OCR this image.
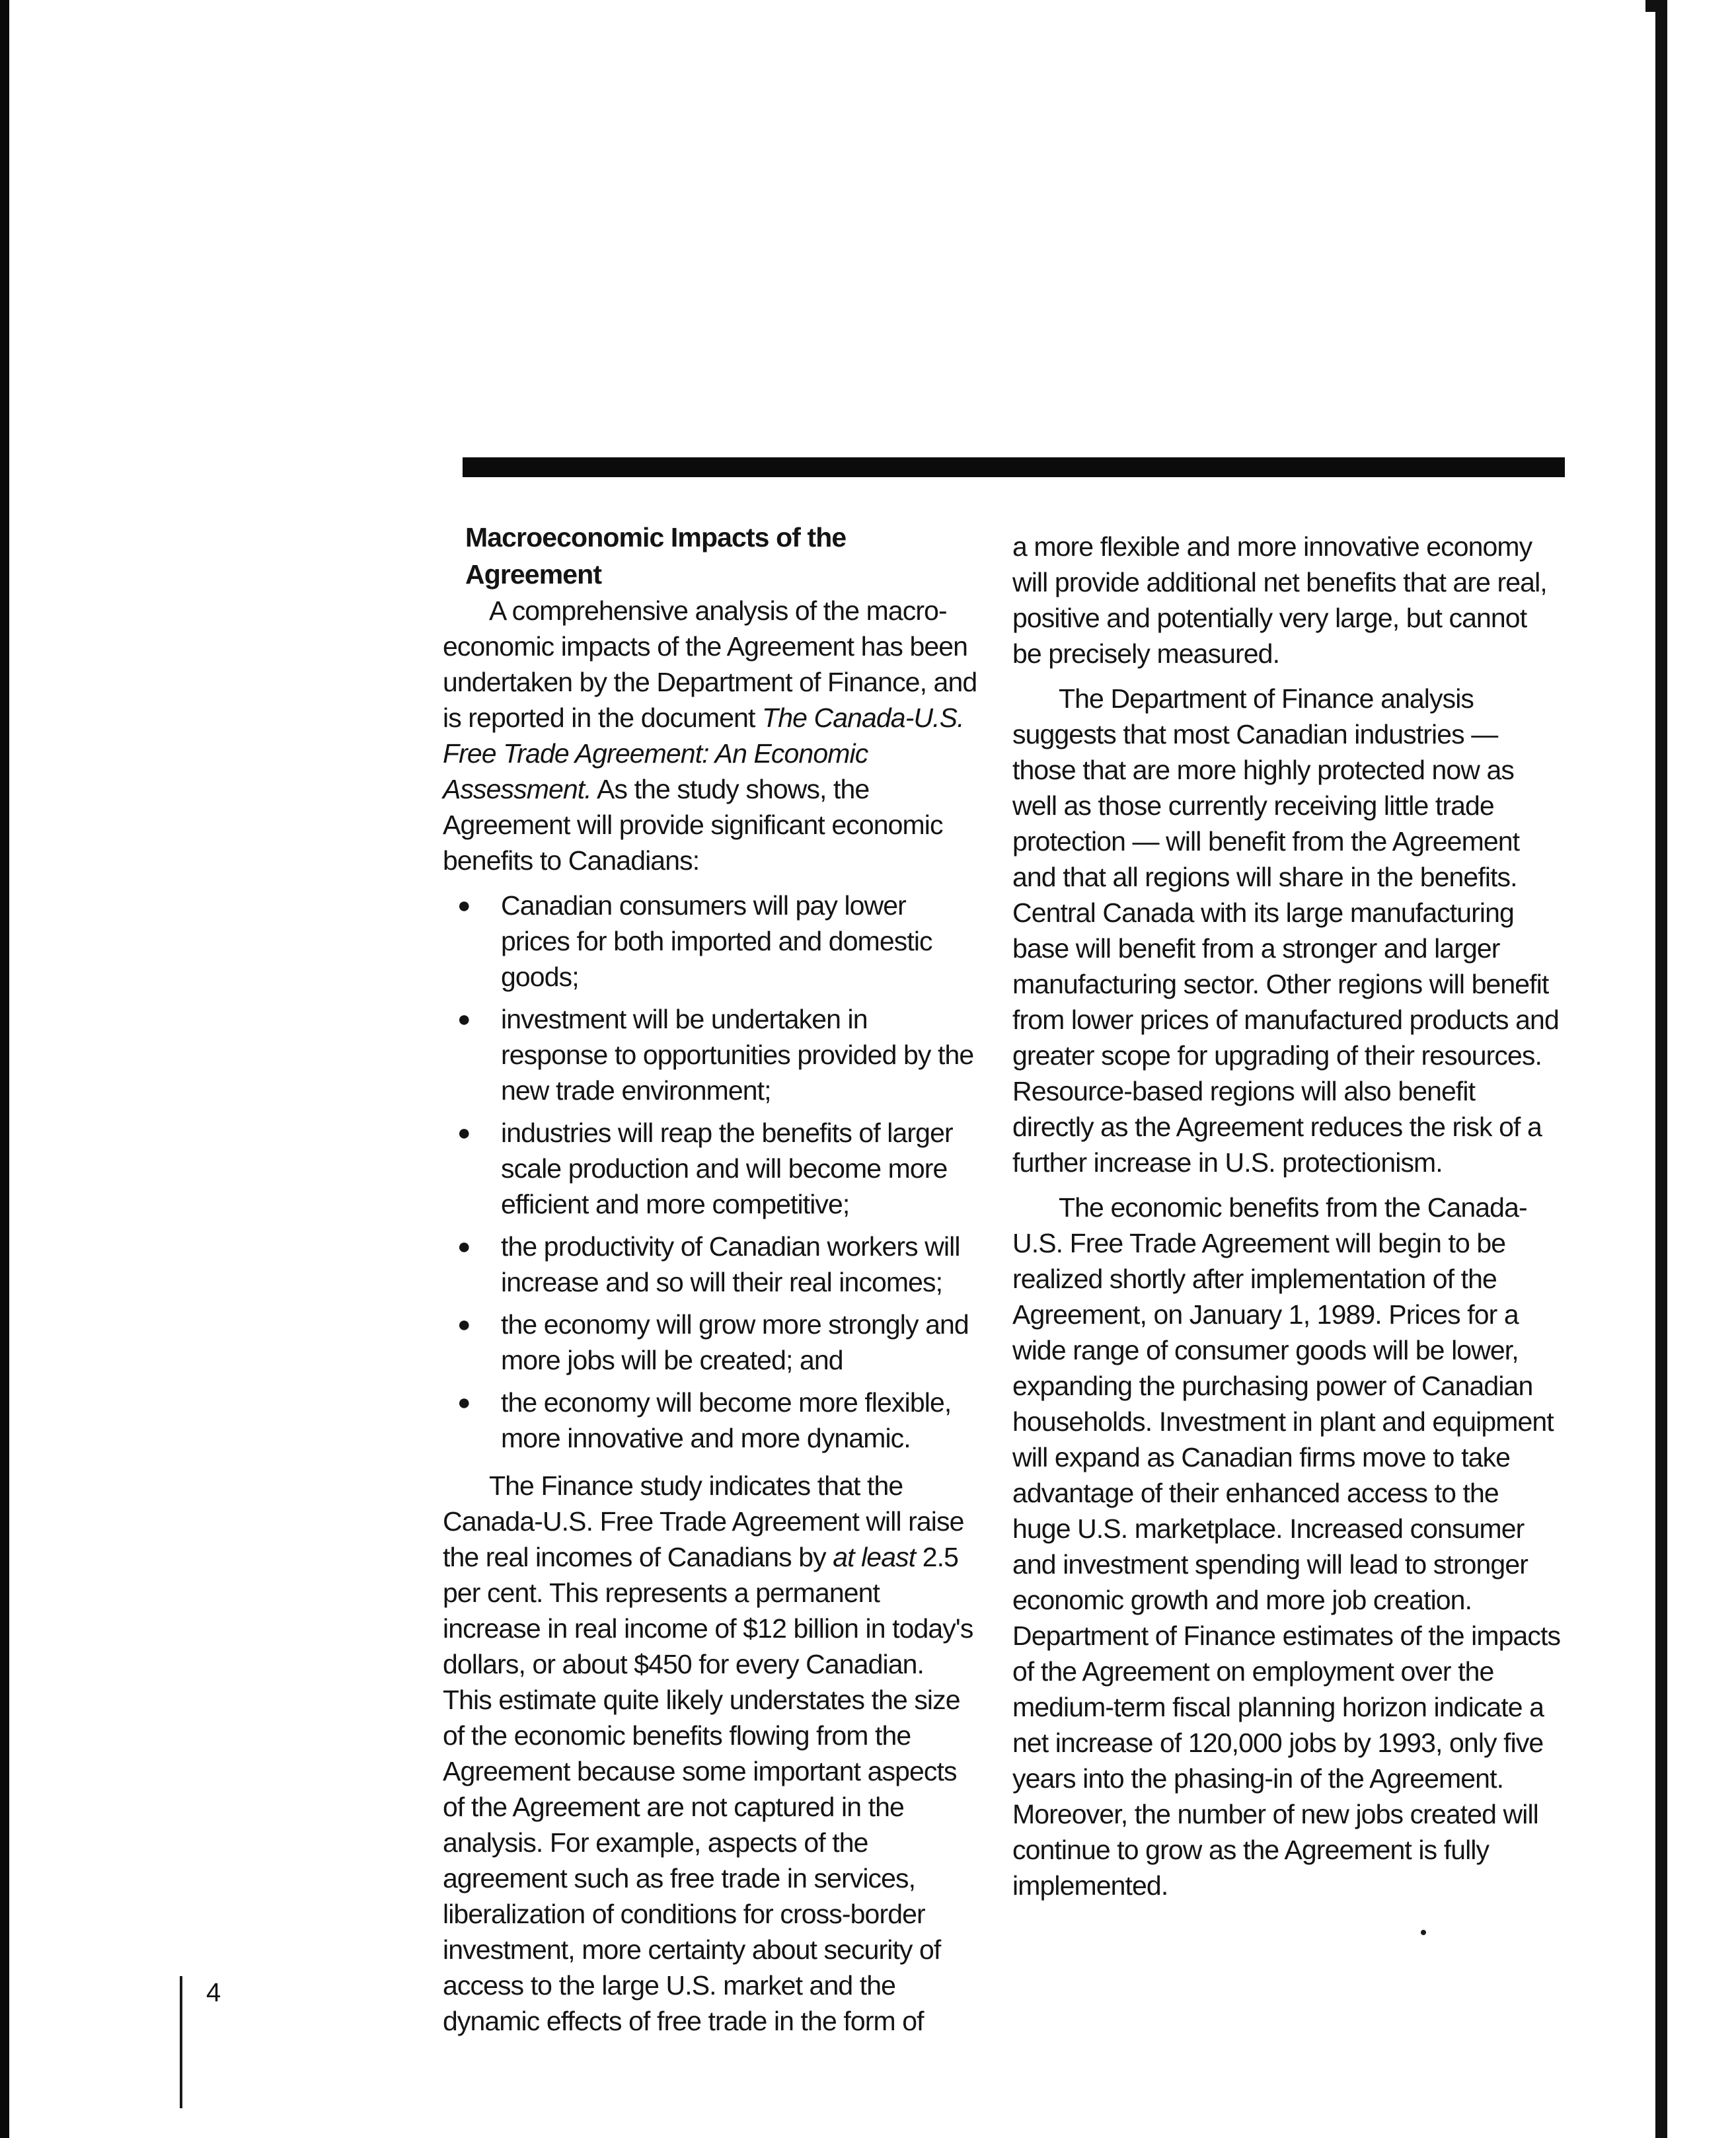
Macroeconomic Impacts of the Agreement

A comprehensive analysis of the macro-economic impacts of the Agreement has been undertaken by the Department of Finance, and is reported in the document The Canada-U.S. Free Trade Agreement: An Economic Assessment. As the study shows, the Agreement will provide significant economic benefits to Canadians:

● Canadian consumers will pay lower prices for both imported and domestic goods;
● investment will be undertaken in response to opportunities provided by the new trade environment;
● industries will reap the benefits of larger scale production and will become more efficient and more competitive;
● the productivity of Canadian workers will increase and so will their real incomes;
● the economy will grow more strongly and more jobs will be created; and
● the economy will become more flexible, more innovative and more dynamic.

The Finance study indicates that the Canada-U.S. Free Trade Agreement will raise the real incomes of Canadians by at least 2.5 per cent. This represents a permanent increase in real income of $12 billion in today's dollars, or about $450 for every Canadian. This estimate quite likely understates the size of the economic benefits flowing from the Agreement because some important aspects of the Agreement are not captured in the analysis. For example, aspects of the agreement such as free trade in services, liberalization of conditions for cross-border investment, more certainty about security of access to the large U.S. market and the dynamic effects of free trade in the form of

a more flexible and more innovative economy will provide additional net benefits that are real, positive and potentially very large, but cannot be precisely measured.

The Department of Finance analysis suggests that most Canadian industries — those that are more highly protected now as well as those currently receiving little trade protection — will benefit from the Agreement and that all regions will share in the benefits. Central Canada with its large manufacturing base will benefit from a stronger and larger manufacturing sector. Other regions will benefit from lower prices of manufactured products and greater scope for upgrading of their resources. Resource-based regions will also benefit directly as the Agreement reduces the risk of a further increase in U.S. protectionism.

The economic benefits from the Canada-U.S. Free Trade Agreement will begin to be realized shortly after implementation of the Agreement, on January 1, 1989. Prices for a wide range of consumer goods will be lower, expanding the purchasing power of Canadian households. Investment in plant and equipment will expand as Canadian firms move to take advantage of their enhanced access to the huge U.S. marketplace. Increased consumer and investment spending will lead to stronger economic growth and more job creation. Department of Finance estimates of the impacts of the Agreement on employment over the medium-term fiscal planning horizon indicate a net increase of 120,000 jobs by 1993, only five years into the phasing-in of the Agreement. Moreover, the number of new jobs created will continue to grow as the Agreement is fully implemented.

4
